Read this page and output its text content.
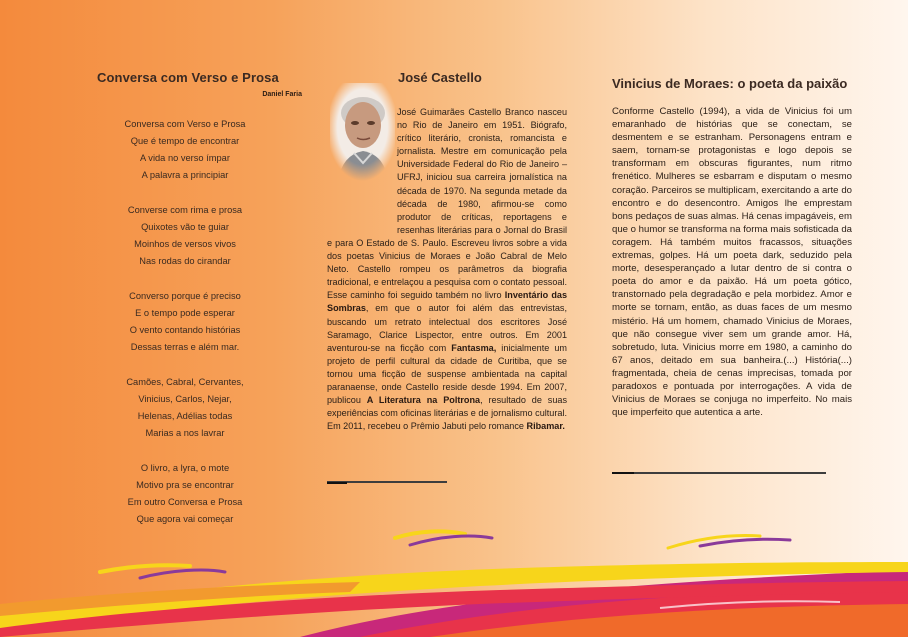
Conversa com Verso e Prosa
Daniel Faria
Conversa com Verso e Prosa
Que é tempo de encontrar
A vida no verso ímpar
A palavra a principiar
Converse com rima e prosa
Quixotes vão te guiar
Moinhos de versos vivos
Nas rodas do cirandar
Converso porque é preciso
E o tempo pode esperar
O vento contando histórias
Dessas terras e além mar.
Camões, Cabral, Cervantes,
Vinicius, Carlos, Nejar,
Helenas, Adélias todas
Marias a nos lavrar
O livro, a lyra, o mote
Motivo pra se encontrar
Em outro Conversa e Prosa
Que agora vai começar
José Castello
José Guimarães Castello Branco nasceu no Rio de Janeiro em 1951. Biógrafo, crítico literário, cronista, romancista e jornalista. Mestre em comunicação pela Universidade Federal do Rio de Janeiro – UFRJ, iniciou sua carreira jornalística na década de 1970. Na segunda metade da década de 1980, afirmou-se como produtor de críticas, reportagens e resenhas literárias para o Jornal do Brasil e para O Estado de S. Paulo. Escreveu livros sobre a vida dos poetas Vinicius de Moraes e João Cabral de Melo Neto. Castello rompeu os parâmetros da biografia tradicional, e entrelaçou a pesquisa com o contato pessoal. Esse caminho foi seguido também no livro Inventário das Sombras, em que o autor foi além das entrevistas, buscando um retrato intelectual dos escritores José Saramago, Clarice Lispector, entre outros. Em 2001 aventurou-se na ficção com Fantasma, inicialmente um projeto de perfil cultural da cidade de Curitiba, que se tornou uma ficção de suspense ambientada na capital paranaense, onde Castello reside desde 1994. Em 2007, publicou A Literatura na Poltrona, resultado de suas experiências com oficinas literárias e de jornalismo cultural. Em 2011, recebeu o Prêmio Jabuti pelo romance Ribamar.
Vinicius de Moraes: o poeta da paixão
Conforme Castello (1994), a vida de Vinicius foi um emaranhado de histórias que se conectam, se desmentem e se estranham. Personagens entram e saem, tornam-se protagonistas e logo depois se transformam em obscuras figurantes, num ritmo frenético. Mulheres se esbarram e disputam o mesmo coração. Parceiros se multiplicam, exercitando a arte do encontro e do desencontro. Amigos lhe emprestam bons pedaços de suas almas. Há cenas impagáveis, em que o humor se transforma na forma mais sofisticada da coragem. Há também muitos fracassos, situações extremas, golpes. Há um poeta dark, seduzido pela morte, desesperançado a lutar dentro de si contra o poeta do amor e da paixão. Há um poeta gótico, transtornado pela degradação e pela morbidez. Amor e morte se tornam, então, as duas faces de um mesmo mistério. Há um homem, chamado Vinicius de Moraes, que não consegue viver sem um grande amor. Há, sobretudo, luta. Vinicius morre em 1980, a caminho do 67 anos, deitado em sua banheira.(...) História(...) fragmentada, cheia de cenas imprecisas, tomada por paradoxos e pontuada por interrogações. A vida de Vinicius de Moraes se conjuga no imperfeito. No mais que imperfeito que autentica a arte.
